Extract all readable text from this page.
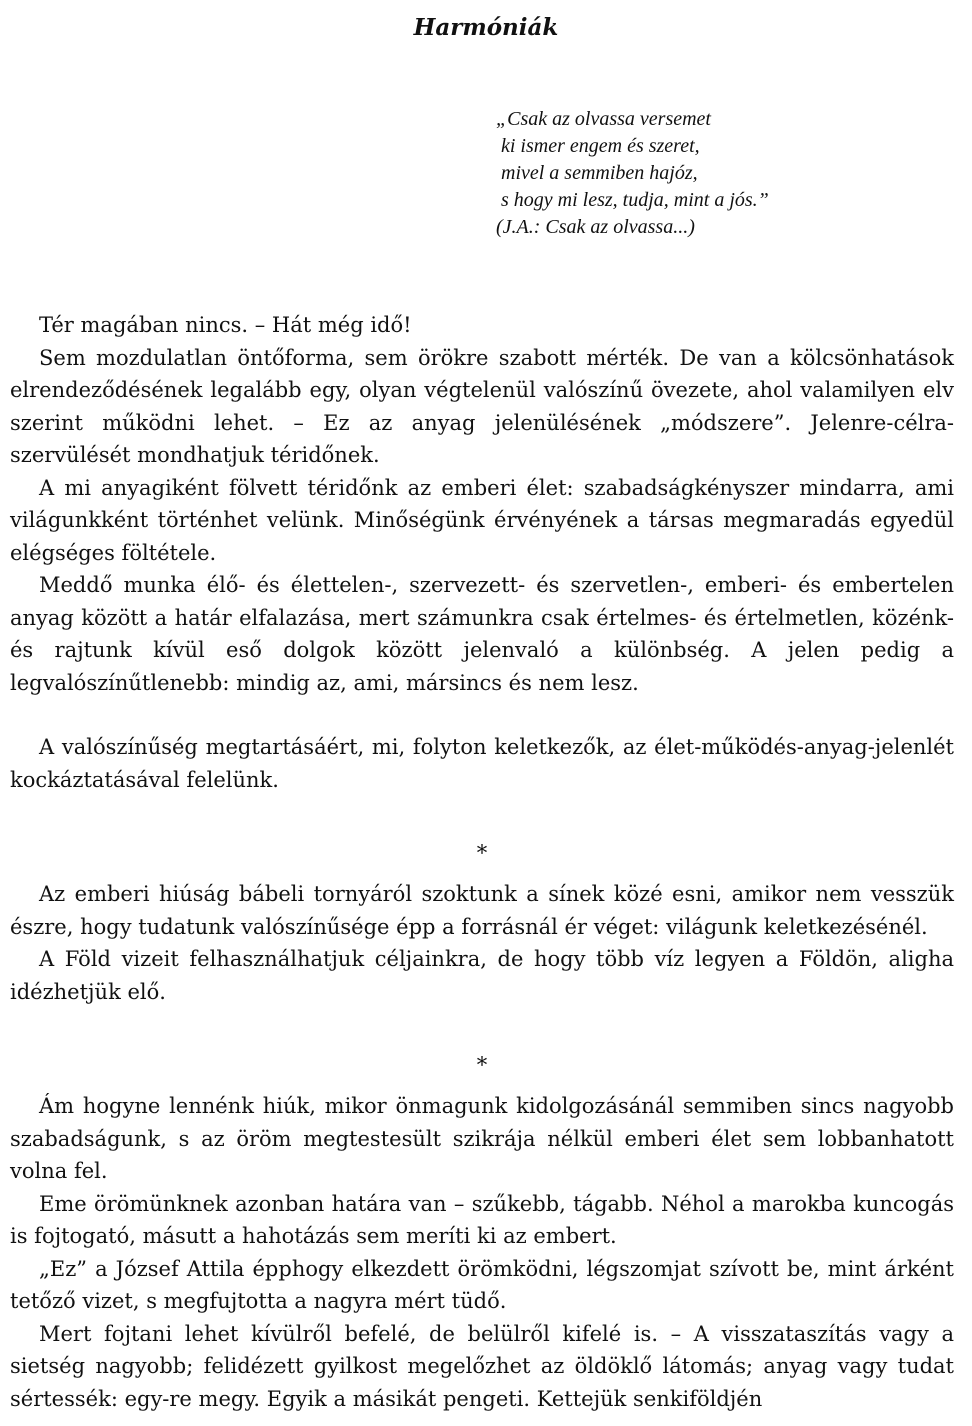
Harmóniák
„Csak az olvassa versemet
ki ismer engem és szeret,
mivel a semmiben hajóz,
s hogy mi lesz, tudja, mint a jós.”
(J.A.: Csak az olvassa...)

Tér magában nincs. – Hát még idő!

Sem mozdulatlan öntőforma, sem örökre szabott mérték. De van a kölcsönhatások elrendeződésének legalább egy, olyan végtelenül valószínű övezete, ahol valamilyen elv szerint működni lehet. – Ez az anyag jelenülésének „módszere”. Jelenre-célra-szervülését mondhatjuk téridőnek.

A mi anyagiként fölvett téridőnk az emberi élet: szabadságkényszer mindarra, ami világunkként történhet velünk. Minőségünk érvényének a társas megmaradás egyedül elégséges föltétele.

Meddő munka élő- és élettelen-, szervezett- és szervetlen-, emberi- és embertelen anyag között a határ elfalazása, mert számunkra csak értelmes- és értelmetlen, közénk- és rajtunk kívül eső dolgok között jelenvaló a különbség. A jelen pedig a legvalószínűtlenebb: mindig az, ami, mársincs és nem lesz.

A valószínűség megtartásáért, mi, folyton keletkezők, az élet-működés-anyag-jelenlét kockáztatásával felelünk.

*

Az emberi hiúság bábeli tornyáról szoktunk a sínek közé esni, amikor nem vesszük észre, hogy tudatunk valószínűsége épp a forrásnál ér véget: világunk keletkezésénél.

A Föld vizeit felhasználhatjuk céljainkra, de hogy több víz legyen a Földön, aligha idézhetjük elő.

*

Ám hogyne lennénk hiúk, mikor önmagunk kidolgozásánál semmiben sincs nagyobb szabadságunk, s az öröm megtestesült szikrája nélkül emberi élet sem lobbanhatott volna fel.

Eme örömünknek azonban határa van – szűkebb, tágabb. Néhol a marokba kuncogás is fojtogató, másutt a hahotázás sem meríti ki az embert.

„Ez” a József Attila épphogy elkezdett örömködni, légszomjat szívott be, mint árként tetőző vizet, s megfujtotta a nagyra mért tüdő.

Mert fojtani lehet kívülről befelé, de belülről kifelé is. – A visszataszítás vagy a sietség nagyobb; felidézett gyilkost megelőzhet az öldöklő látomás; anyag vagy tudat sértessék: egy-re megy. Egyik a másikát pengeti. Kettejük senkiföldjén
